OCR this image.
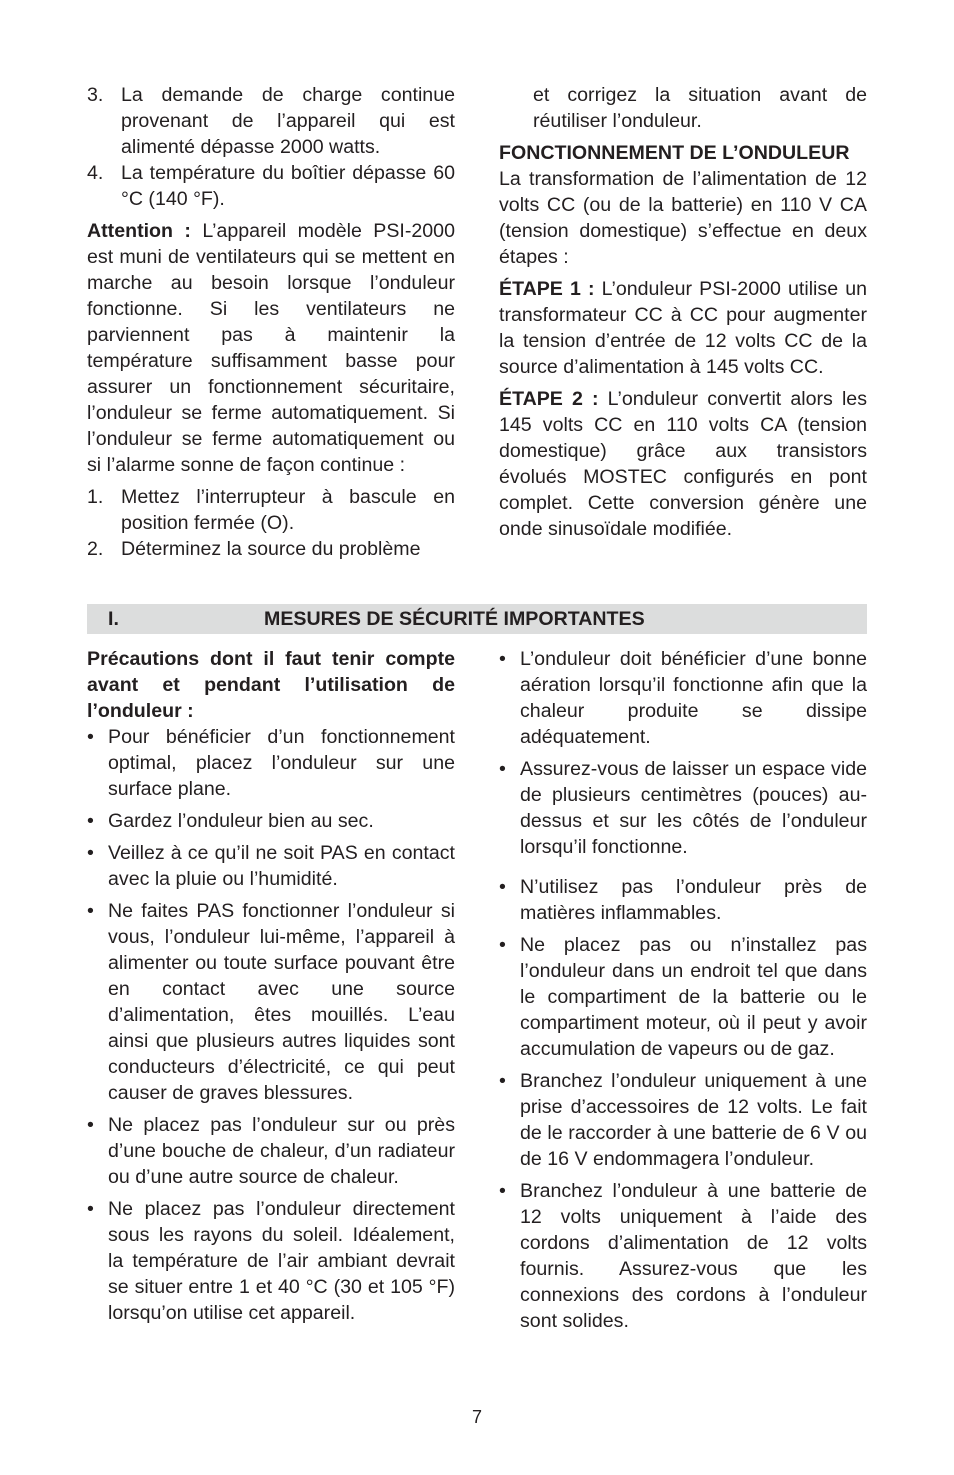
3. La demande de charge continue provenant de l’appareil qui est alimenté dépasse 2000 watts.
4. La température du boîtier dépasse 60 °C (140 °F).

Attention : L’appareil modèle PSI-2000 est muni de ventilateurs qui se mettent en marche au besoin lorsque l’onduleur fonctionne. Si les ventilateurs ne parviennent pas à maintenir la température suffisamment basse pour assurer un fonctionnement sécuritaire, l’onduleur se ferme automatiquement. Si l’onduleur se ferme automatiquement ou si l’alarme sonne de façon continue :

1. Mettez l’interrupteur à bascule en position fermée (O).
2. Déterminez la source du problème

et corrigez la situation avant de réutiliser l’onduleur.

FONCTIONNEMENT DE L’ONDULEUR

La transformation de l’alimentation de 12 volts CC (ou de la batterie) en 110 V CA (tension domestique) s’effectue en deux étapes :

ÉTAPE 1 : L’onduleur PSI-2000 utilise un transformateur CC à CC pour augmenter la tension d’entrée de 12 volts CC de la source d’alimentation à 145 volts CC.

ÉTAPE 2 : L’onduleur convertit alors les 145 volts CC en 110 volts CA (tension domestique) grâce aux transistors évolués MOSTEC configurés en pont complet. Cette conversion génère une onde sinusoïdale modifiée.

I.	MESURES DE SÉCURITÉ IMPORTANTES

Précautions dont il faut tenir compte avant et pendant l’utilisation de l’onduleur :

• Pour bénéficier d’un fonctionnement optimal, placez l’onduleur sur une surface plane.
• Gardez l’onduleur bien au sec.
• Veillez à ce qu’il ne soit PAS en contact avec la pluie ou l’humidité.
• Ne faites PAS fonctionner l’onduleur si vous, l’onduleur lui-même, l’appareil à alimenter ou toute surface pouvant être en contact avec une source d’alimentation, êtes mouillés. L’eau ainsi que plusieurs autres liquides sont conducteurs d’électricité, ce qui peut causer de graves blessures.
• Ne placez pas l’onduleur sur ou près d’une bouche de chaleur, d’un radiateur ou d’une autre source de chaleur.
• Ne placez pas l’onduleur directement sous les rayons du soleil. Idéalement, la température de l’air ambiant devrait se situer entre 1 et 40 °C (30 et 105 °F) lorsqu’on utilise cet appareil.
• L’onduleur doit bénéficier d’une bonne aération lorsqu’il fonctionne afin que la chaleur produite se dissipe adéquatement.
• Assurez-vous de laisser un espace vide de plusieurs centimètres (pouces) au-dessus et sur les côtés de l’onduleur lorsqu’il fonctionne.
• N’utilisez pas l’onduleur près de matières inflammables.
• Ne placez pas ou n’installez pas l’onduleur dans un endroit tel que dans le compartiment de la batterie ou le compartiment moteur, où il peut y avoir accumulation de vapeurs ou de gaz.
• Branchez l’onduleur uniquement à une prise d’accessoires de 12 volts. Le fait de le raccorder à une batterie de 6 V ou de 16 V endommagera l’onduleur.
• Branchez l’onduleur à une batterie de 12 volts uniquement à l’aide des cordons d’alimentation de 12 volts fournis. Assurez-vous que les connexions des cordons à l’onduleur sont solides.
7
